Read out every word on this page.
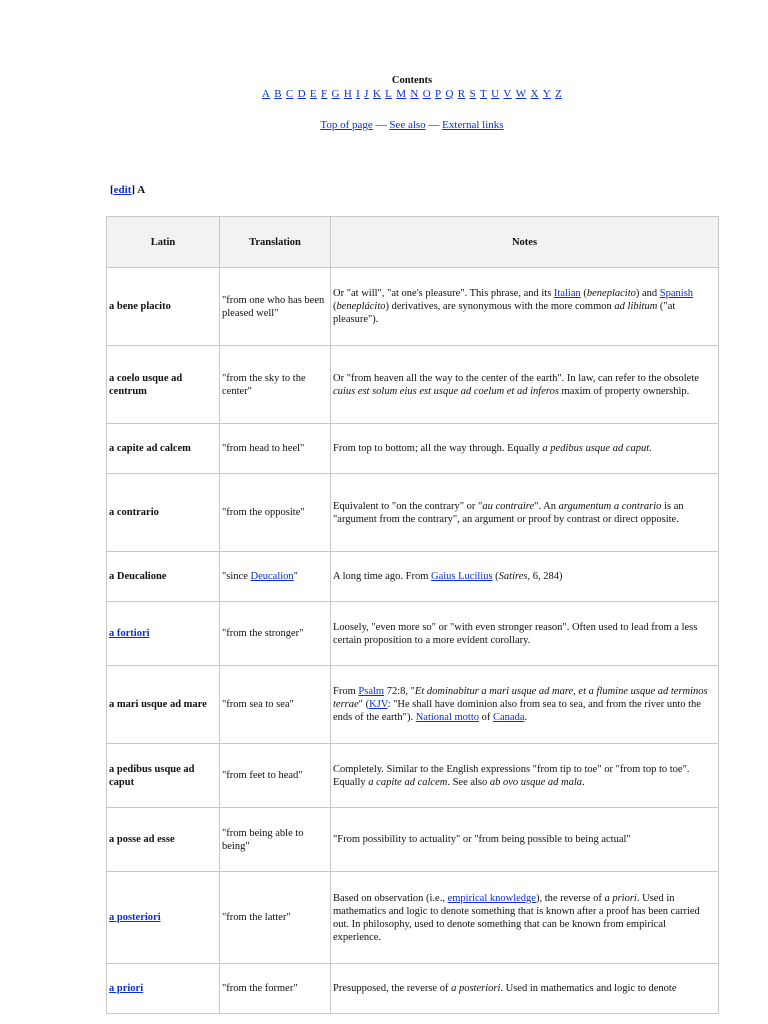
Contents
A B C D E F G H I J K L M N O P Q R S T U V W X Y Z
Top of page — See also — External links
[edit] A
Latin	Translation	Notes
a bene placito	"from one who has been pleased well"	Or "at will", "at one's pleasure". This phrase, and its Italian (beneplacito) and Spanish (beneplácito) derivatives, are synonymous with the more common ad libitum ("at pleasure").
a coelo usque ad centrum	"from the sky to the center"	Or "from heaven all the way to the center of the earth". In law, can refer to the obsolete cuius est solum eius est usque ad coelum et ad inferos maxim of property ownership.
a capite ad calcem	"from head to heel"	From top to bottom; all the way through. Equally a pedibus usque ad caput.
a contrario	"from the opposite"	Equivalent to "on the contrary" or "au contraire". An argumentum a contrario is an "argument from the contrary", an argument or proof by contrast or direct opposite.
a Deucalione	"since Deucalion"	A long time ago. From Gaius Lucilius (Satires, 6, 284)
a fortiori	"from the stronger"	Loosely, "even more so" or "with even stronger reason". Often used to lead from a less certain proposition to a more evident corollary.
a mari usque ad mare	"from sea to sea"	From Psalm 72:8, "Et dominabitur a mari usque ad mare, et a flumine usque ad terminos terrae" (KJV: "He shall have dominion also from sea to sea, and from the river unto the ends of the earth"). National motto of Canada.
a pedibus usque ad caput	"from feet to head"	Completely. Similar to the English expressions "from tip to toe" or "from top to toe". Equally a capite ad calcem. See also ab ovo usque ad mala.
a posse ad esse	"from being able to being"	"From possibility to actuality" or "from being possible to being actual"
a posteriori	"from the latter"	Based on observation (i.e., empirical knowledge), the reverse of a priori. Used in mathematics and logic to denote something that is known after a proof has been carried out. In philosophy, used to denote something that can be known from empirical experience.
a priori	"from the former"	Presupposed, the reverse of a posteriori. Used in mathematics and logic to denote
